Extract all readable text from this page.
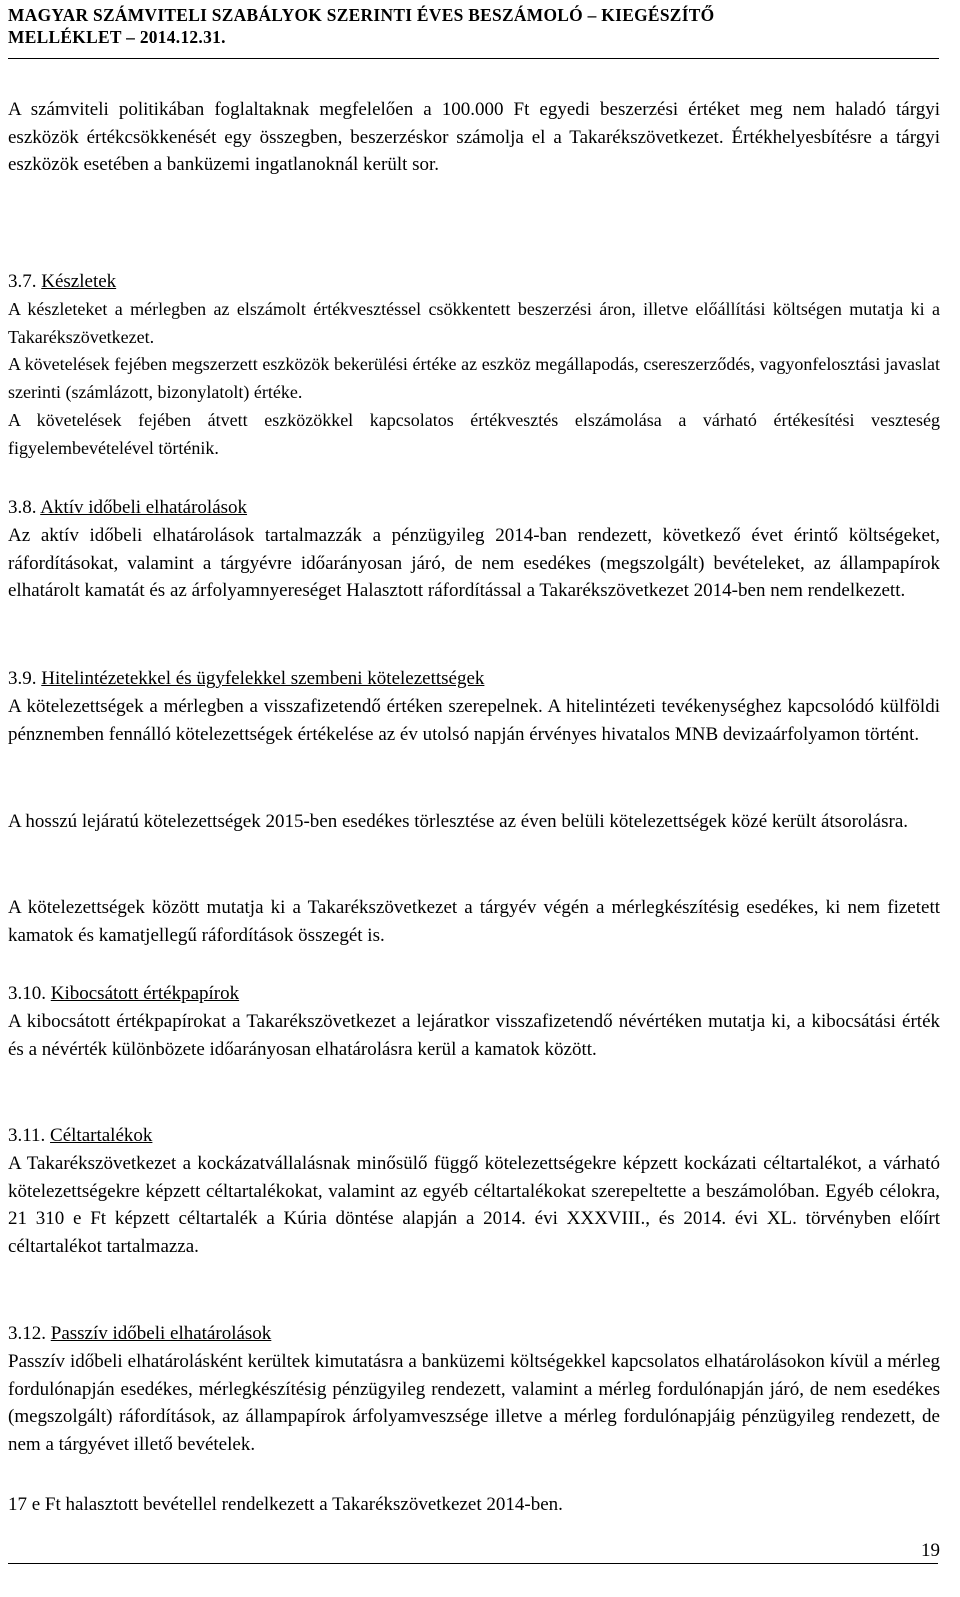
MAGYAR SZÁMVITELI SZABÁLYOK SZERINTI ÉVES BESZÁMOLÓ – KIEGÉSZÍTŐ
MELLÉKLET – 2014.12.31.

A számviteli politikában foglaltaknak megfelelően a 100.000 Ft egyedi beszerzési értéket meg nem haladó tárgyi eszközök értékcsökkenését egy összegben, beszerzéskor számolja el a Takarékszövetkezet. Értékhelyesbítésre a tárgyi eszközök esetében a banküzemi ingatlanoknál került sor.

3.7. Készletek

A készleteket a mérlegben az elszámolt értékvesztéssel csökkentett beszerzési áron, illetve előállítási költségen mutatja ki a Takarékszövetkezet.

A követelések fejében megszerzett eszközök bekerülési értéke az eszköz megállapodás, csereszerződés, vagyonfelosztási javaslat szerinti (számlázott, bizonylatolt) értéke.

A követelések fejében átvett eszközökkel kapcsolatos értékvesztés elszámolása a várható értékesítési veszteség figyelembevételével történik.

3.8. Aktív időbeli elhatárolások

Az aktív időbeli elhatárolások tartalmazzák a pénzügyileg 2014-ban rendezett, következő évet érintő költségeket, ráfordításokat, valamint a tárgyévre időarányosan járó, de nem esedékes (megszolgált) bevételeket, az állampapírok elhatárolt kamatát és az árfolyamnyereséget Halasztott ráfordítással a Takarékszövetkezet 2014-ben nem rendelkezett.

3.9. Hitelintézetekkel és ügyfelekkel szembeni kötelezettségek

A kötelezettségek a mérlegben a visszafizetendő értéken szerepelnek. A hitelintézeti tevékenységhez kapcsolódó külföldi pénznemben fennálló kötelezettségek értékelése az év utolsó napján érvényes hivatalos MNB devizaárfolyamon történt.

A hosszú lejáratú kötelezettségek 2015-ben esedékes törlesztése az éven belüli kötelezettségek közé került átsorolásra.

A kötelezettségek között mutatja ki a Takarékszövetkezet a tárgyév végén a mérlegkészítésig esedékes, ki nem fizetett kamatok és kamatjellegű ráfordítások összegét is.

3.10. Kibocsátott értékpapírok

A kibocsátott értékpapírokat a Takarékszövetkezet a lejáratkor visszafizetendő névértéken mutatja ki, a kibocsátási érték és a névérték különbözete időarányosan elhatárolásra kerül a kamatok között.

3.11. Céltartalékok

A Takarékszövetkezet a kockázatvállalásnak minősülő függő kötelezettségekre képzett kockázati céltartalékot, a várható kötelezettségekre képzett céltartalékokat, valamint az egyéb céltartalékokat szerepeltette a beszámolóban. Egyéb célokra, 21 310 e Ft képzett céltartalék a Kúria döntése alapján a 2014. évi XXXVIII., és 2014. évi XL. törvényben előírt céltartalékot tartalmazza.

3.12. Passzív időbeli elhatárolások

Passzív időbeli elhatárolásként kerültek kimutatásra a banküzemi költségekkel kapcsolatos elhatárolásokon kívül a mérleg fordulónapján esedékes, mérlegkészítésig pénzügyileg rendezett, valamint a mérleg fordulónapján járó, de nem esedékes (megszolgált) ráfordítások, az állampapírok árfolyamveszsége illetve a mérleg fordulónapjáig pénzügyileg rendezett, de nem a tárgyévet illető bevételek.

17 e Ft halasztott bevétellel rendelkezett a Takarékszövetkezet 2014-ben.

19
